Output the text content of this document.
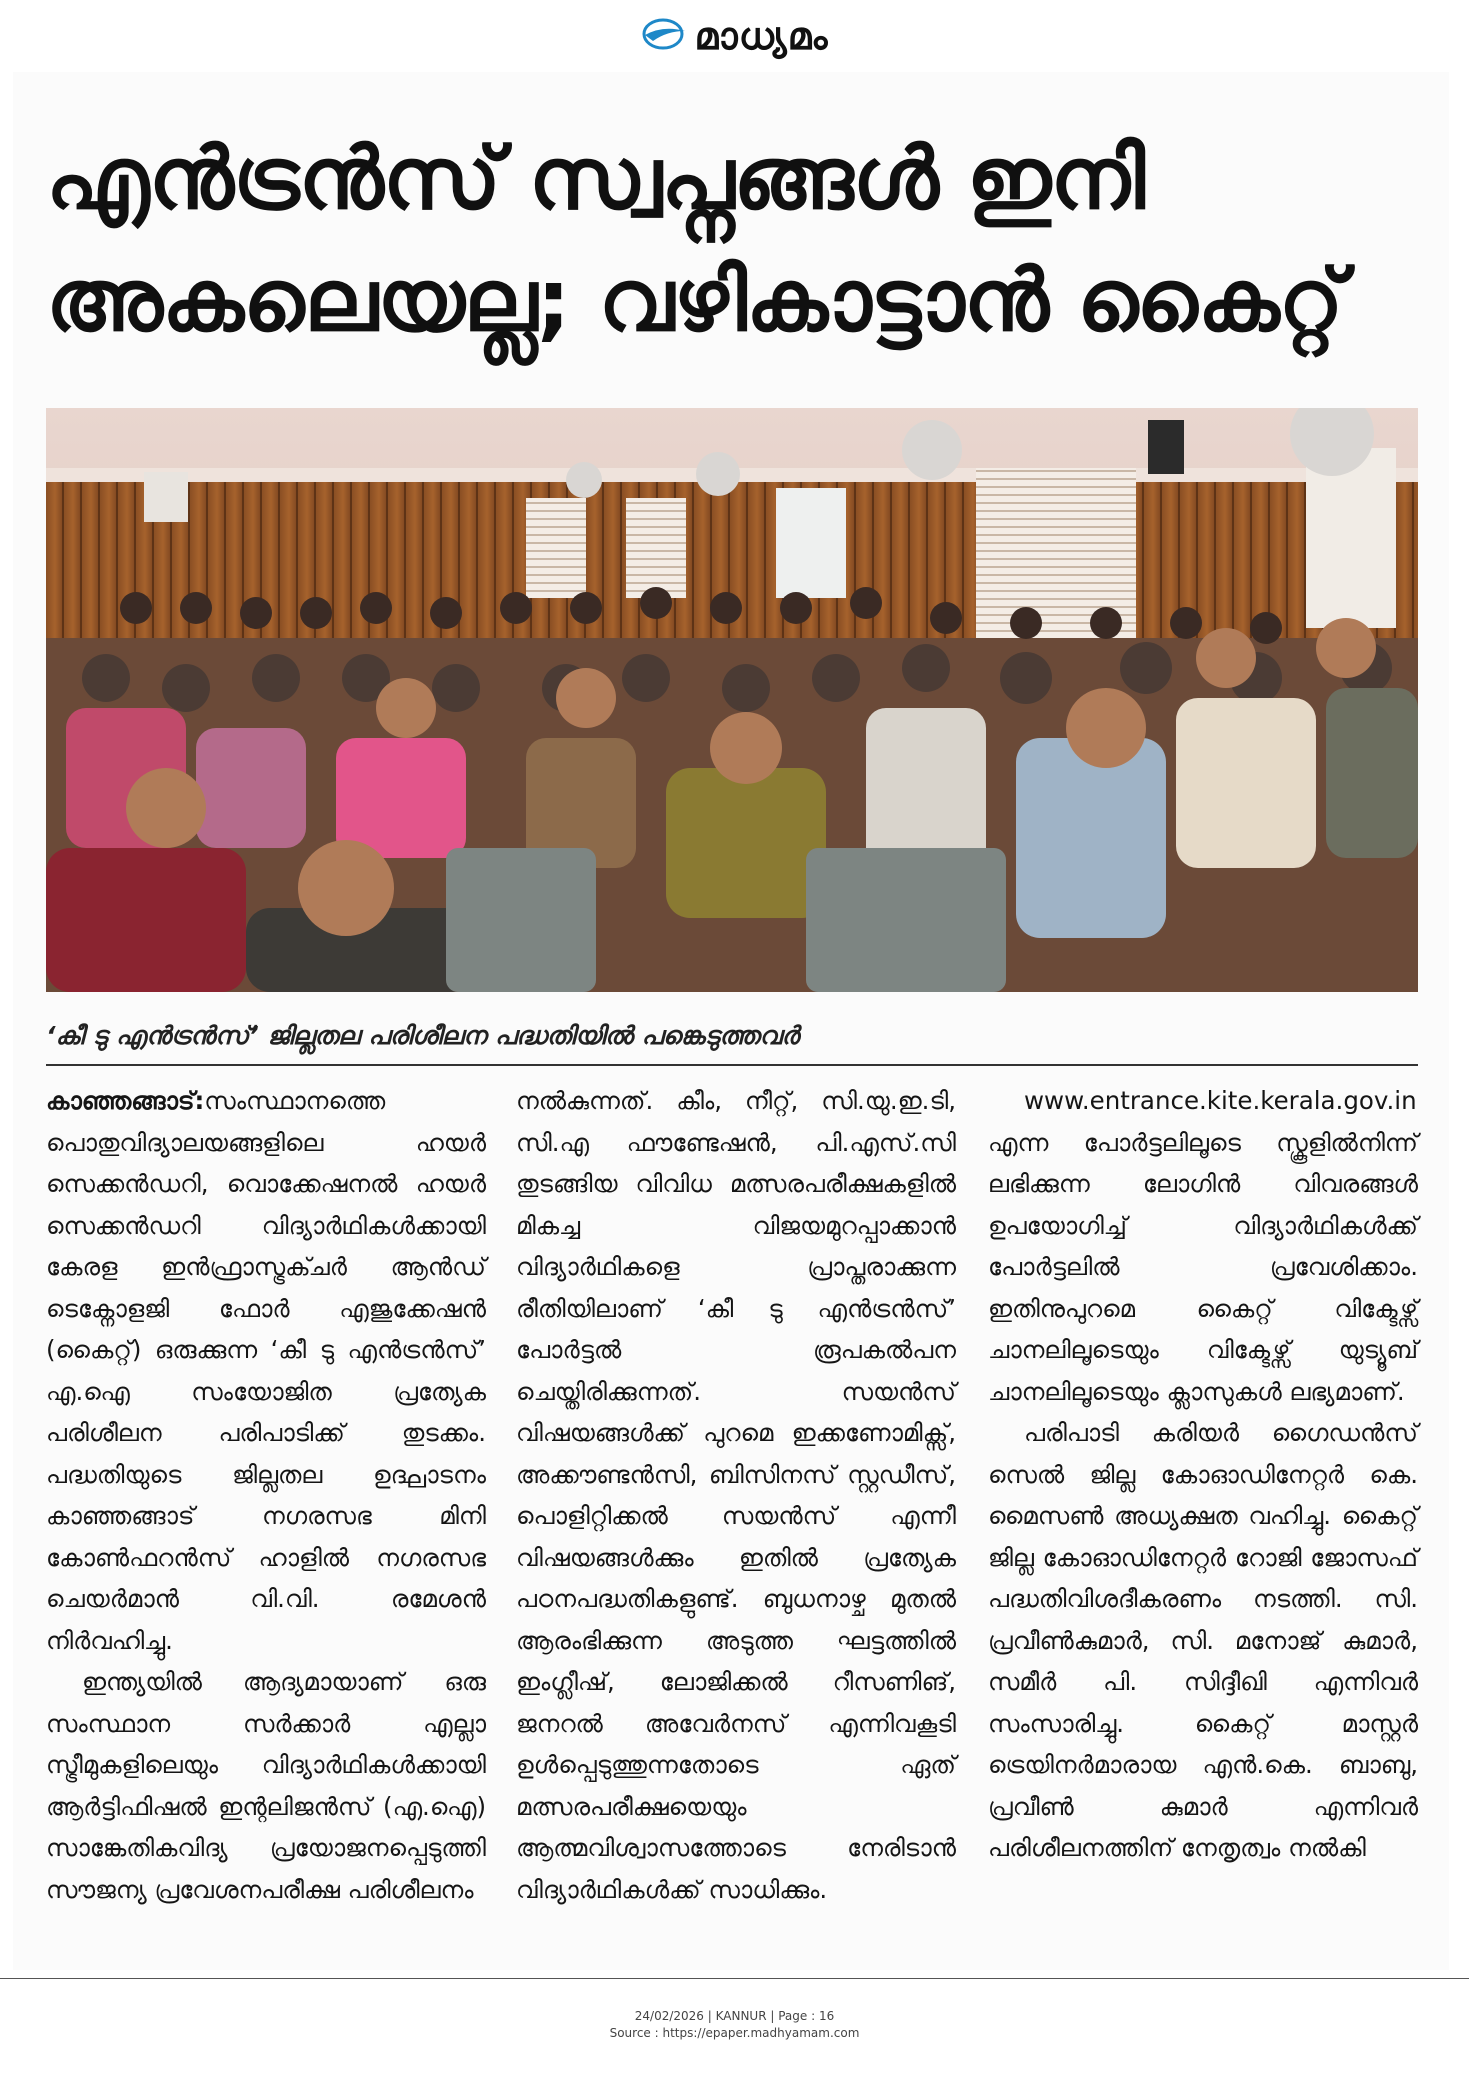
മാധ്യമം
എൻട്രൻസ് സ്വപ്നങ്ങൾ ഇനി
അകലെയല്ല; വഴികാട്ടാൻ കൈറ്റ്
‘കീ ടു എൻട്രൻസ്’ ജില്ലതല പരിശീലന പദ്ധതിയിൽ പങ്കെടുത്തവർ

കാഞ്ഞങ്ങാട്:സംസ്ഥാനത്തെ പൊതുവിദ്യാലയങ്ങളിലെ ഹയർ സെക്കൻഡറി, വൊക്കേഷനൽ ഹയർ സെക്കൻഡറി വിദ്യാർഥികൾക്കായി കേരള ഇൻഫ്രാസ്ട്രക്ചർ ആൻഡ് ടെക്നോളജി ഫോർ എജുക്കേഷൻ (കൈറ്റ്) ഒരുക്കുന്ന ‘കീ ടു എൻട്രൻസ്’ എ.ഐ സംയോജിത പ്രത്യേക പരിശീലന പരിപാടിക്ക് തുടക്കം. പദ്ധതിയുടെ ജില്ലതല ഉദ്ഘാടനം കാഞ്ഞങ്ങാട് നഗരസഭ മിനി കോൺഫറൻസ് ഹാളിൽ നഗരസഭ ചെയർമാൻ വി.വി. രമേശൻ നിർവഹിച്ചു.

ഇന്ത്യയിൽ ആദ്യമായാണ് ഒരു സംസ്ഥാന സർക്കാർ എല്ലാ സ്ട്രീമുകളിലെയും വിദ്യാർഥികൾക്കായി ആർട്ടിഫിഷൽ ഇന്റലിജൻസ് (എ.ഐ) സാങ്കേതികവിദ്യ പ്രയോജനപ്പെടുത്തി സൗജന്യ പ്രവേശനപരീക്ഷ പരിശീലനം

നൽകുന്നത്. കീം, നീറ്റ്, സി.യു.ഇ.ടി, സി.എ ഫൗണ്ടേഷൻ, പി.എസ്.സി തുടങ്ങിയ വിവിധ മത്സരപരീക്ഷകളിൽ മികച്ച വിജയമുറപ്പാക്കാൻ വിദ്യാർഥികളെ പ്രാപ്തരാക്കുന്ന രീതിയിലാണ് ‘കീ ടു എൻട്രൻസ്’ പോർട്ടൽ രൂപകൽപന ചെയ്തിരിക്കുന്നത്. സയൻസ് വിഷയങ്ങൾക്ക് പുറമെ ഇക്കണോമിക്സ്, അക്കൗണ്ടൻസി, ബിസിനസ് സ്റ്റഡീസ്, പൊളിറ്റിക്കൽ സയൻസ് എന്നീ വിഷയങ്ങൾക്കും ഇതിൽ പ്രത്യേക പഠനപദ്ധതികളുണ്ട്. ബുധനാഴ്ച മുതൽ ആരംഭിക്കുന്ന അടുത്ത ഘട്ടത്തിൽ ഇംഗ്ലീഷ്, ലോജിക്കൽ റീസണിങ്, ജനറൽ അവേർനസ് എന്നിവകൂടി ഉൾപ്പെടുത്തുന്നതോടെ ഏത് മത്സരപരീക്ഷയെയും ആത്മവിശ്വാസത്തോടെ നേരിടാൻ വിദ്യാർഥികൾക്ക് സാധിക്കും.

www.entrance.kite.kerala.gov.in എന്ന പോർട്ടലിലൂടെ സ്കൂളിൽനിന്ന് ലഭിക്കുന്ന ലോഗിൻ വിവരങ്ങൾ ഉപയോഗിച്ച് വിദ്യാർഥികൾക്ക് പോർട്ടലിൽ പ്രവേശിക്കാം. ഇതിനുപുറമെ കൈറ്റ് വിക്ടേഴ്സ് ചാനലിലൂടെയും വിക്ടേഴ്സ് യുട്യൂബ് ചാനലിലൂടെയും ക്ലാസുകൾ ലഭ്യമാണ്.

പരിപാടി കരിയർ ഗൈഡൻസ് സെൽ ജില്ല കോഓഡിനേറ്റർ കെ. മൈസൺ അധ്യക്ഷത വഹിച്ചു. കൈറ്റ് ജില്ല കോഓഡിനേറ്റർ റോജി ജോസഫ് പദ്ധതിവിശദീകരണം നടത്തി. സി. പ്രവീൺകുമാർ, സി. മനോജ് കുമാർ, സമീർ പി. സിദ്ദീഖി എന്നിവർ സംസാരിച്ചു. കൈറ്റ് മാസ്റ്റർ ട്രെയിനർമാരായ എൻ.കെ. ബാബു, പ്രവീൺ കുമാർ എന്നിവർ പരിശീലനത്തിന് നേതൃത്വം നൽകി

24/02/2026 | KANNUR | Page : 16
Source : https://epaper.madhyamam.com
